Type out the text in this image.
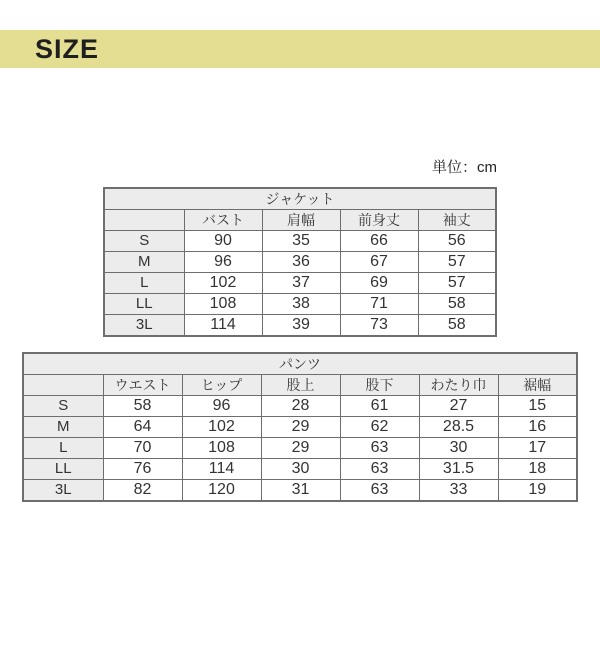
SIZE
単位：cm
ジャケット				
	バスト	肩幅	前身丈	袖丈
S	90	35	66	56
M	96	36	67	57
L	102	37	69	57
LL	108	38	71	58
3L	114	39	73	58
パンツ						
	ウエスト	ヒップ	股上	股下	わたり巾	裾幅
S	58	96	28	61	27	15
M	64	102	29	62	28.5	16
L	70	108	29	63	30	17
LL	76	114	30	63	31.5	18
3L	82	120	31	63	33	19
